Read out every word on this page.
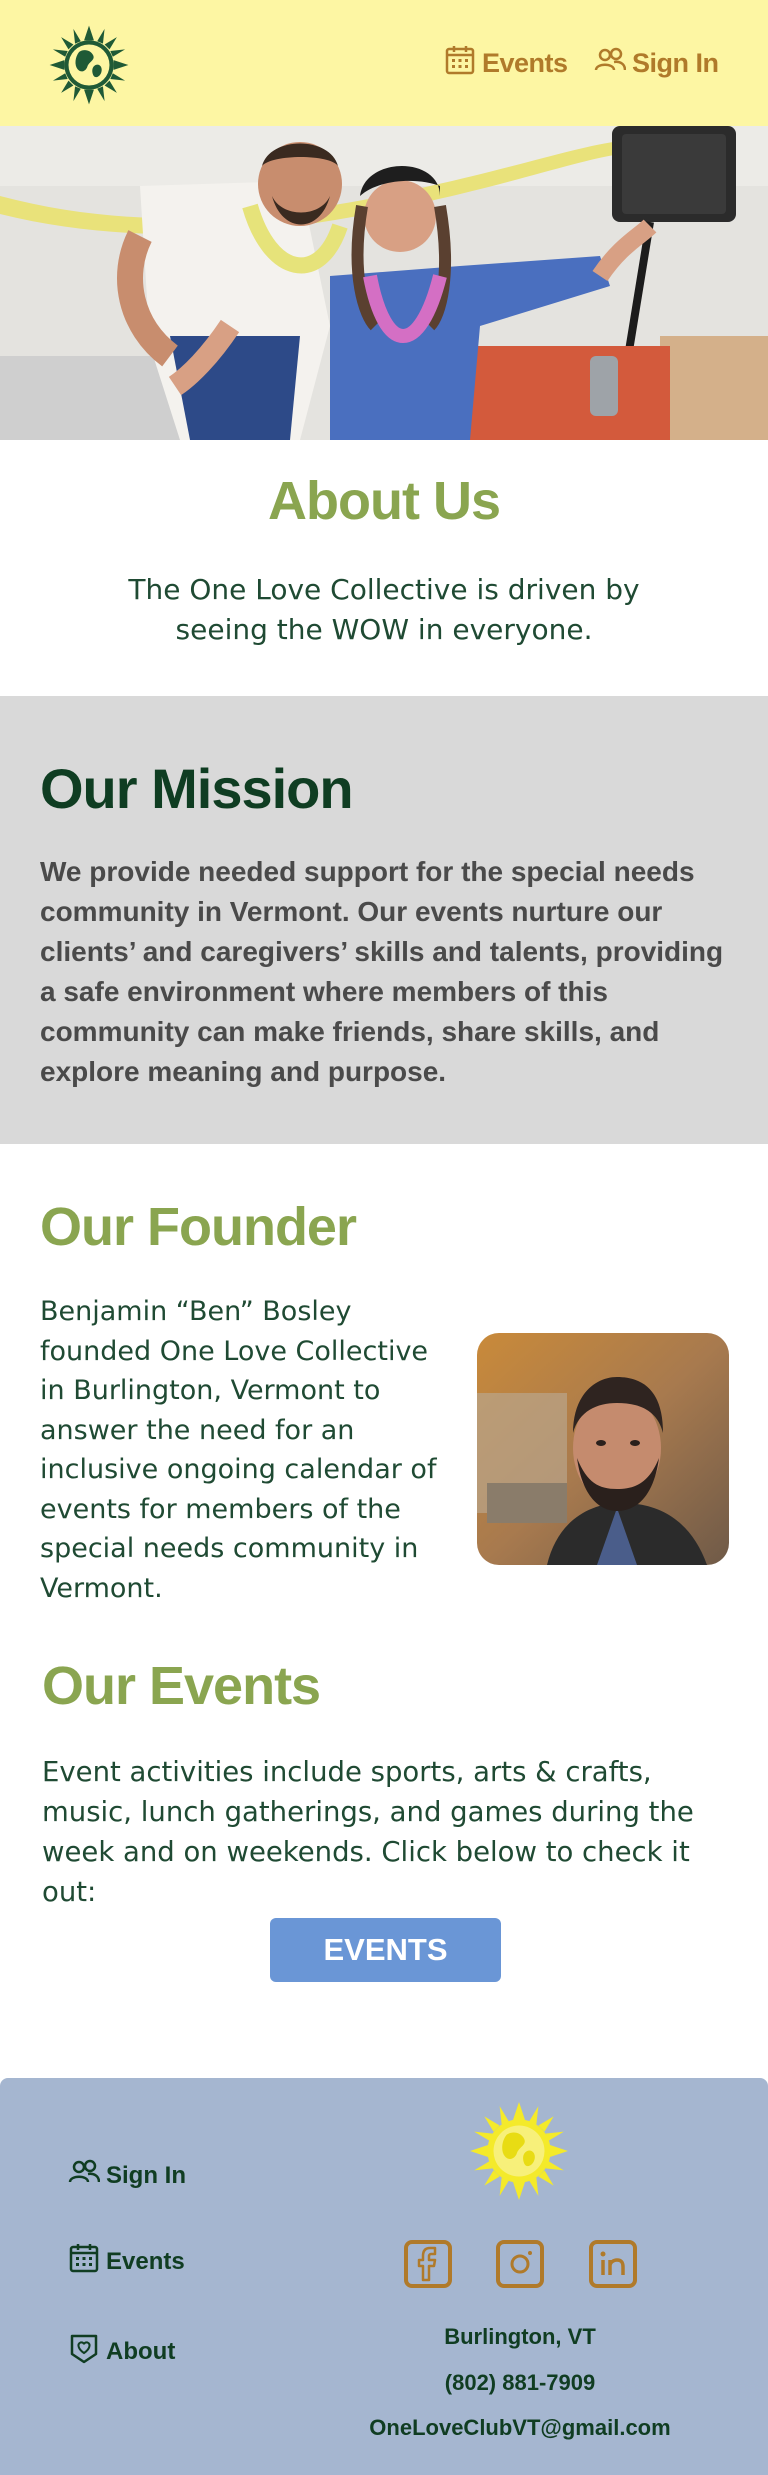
Events Sign In
About Us
The One Love Collective is driven by seeing the WOW in everyone.
Our Mission
We provide needed support for the special needs community in Vermont. Our events nurture our clients’ and caregivers’ skills and talents, providing a safe environment where members of this community can make friends, share skills, and explore meaning and purpose.
Our Founder
Benjamin “Ben” Bosley founded One Love Collective in Burlington, Vermont to answer the need for an inclusive ongoing calendar of events for members of the special needs community in Vermont.
Our Events
Event activities include sports, arts & crafts, music, lunch gatherings, and games during the week and on weekends. Click below to check it out:
EVENTS
Sign In
Events
About
Burlington, VT
(802) 881-7909
OneLoveClubVT@gmail.com
